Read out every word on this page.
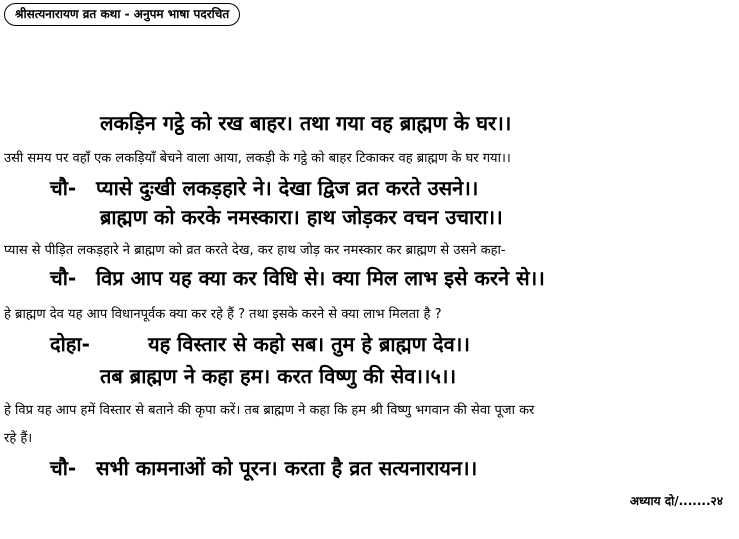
श्रीसत्यनारायण व्रत कथा - अनुपम भाषा पदरचित
लकड़िन गट्ठे को रख बाहर। तथा गया वह ब्राह्मण के घर।।
उसी समय पर वहाँ एक लकड़ियाँ बेचने वाला आया, लकड़ी के गट्ठे को बाहर टिकाकर वह ब्राह्मण के घर गया।।
चौ- प्यासे दुःखी लकड़हारे ने। देखा द्विज व्रत करते उसने।।
ब्राह्मण को करके नमस्कारा। हाथ जोड़कर वचन उचारा।।
प्यास से पीड़ित लकड़हारे ने ब्राह्मण को व्रत करते देख, कर हाथ जोड़ कर नमस्कार कर ब्राह्मण से उसने कहा-
चौ- विप्र आप यह क्या कर विधि से। क्या मिल लाभ इसे करने से।।
हे ब्राह्मण देव यह आप विधानपूर्वक क्या कर रहे हैं ? तथा इसके करने से क्या लाभ मिलता है ?
दोहा-	यह विस्तार से कहो सब। तुम हे ब्राह्मण देव।।
तब ब्राह्मण ने कहा हम। करत विष्णु की सेव।।५।।
हे विप्र यह आप हमें विस्तार से बताने की कृपा करें। तब ब्राह्मण ने कहा कि हम श्री विष्णु भगवान की सेवा पूजा कर
रहे हैं।
चौ- सभी कामनाओं को पूरन। करता है व्रत सत्यनारायन।।
अध्याय दो/.......२४
